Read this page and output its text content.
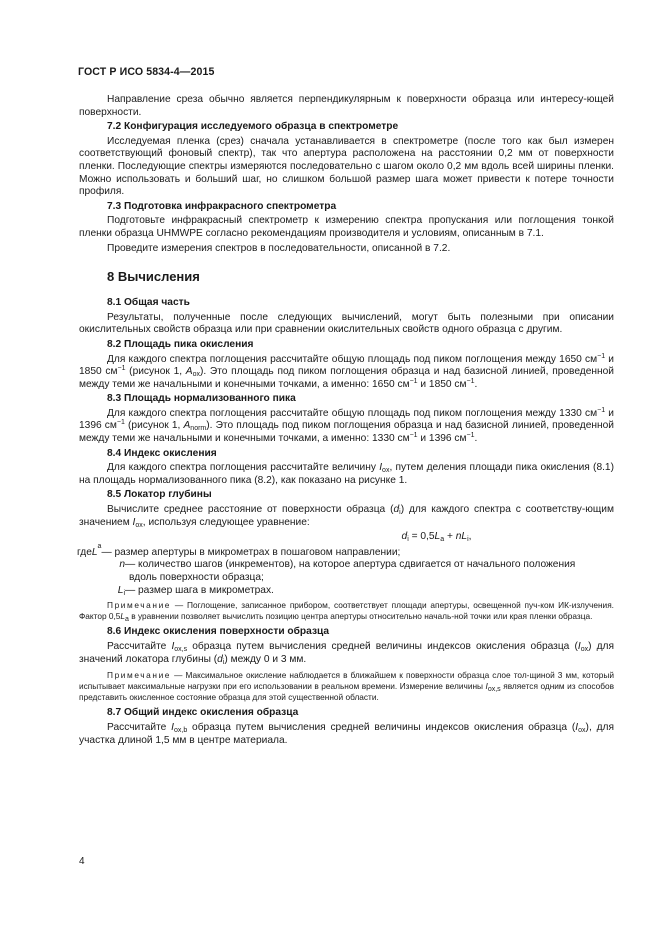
ГОСТ Р ИСО 5834-4—2015

Направление среза обычно является перпендикулярным к поверхности образца или интересу-ющей поверхности.

7.2 Конфигурация исследуемого образца в спектрометре

Исследуемая пленка (срез) сначала устанавливается в спектрометре (после того как был измерен соответствующий фоновый спектр), так что апертура расположена на расстоянии 0,2 мм от поверхности пленки. Последующие спектры измеряются последовательно с шагом около 0,2 мм вдоль всей ширины пленки. Можно использовать и больший шаг, но слишком большой размер шага может привести к потере точности профиля.

7.3 Подготовка инфракрасного спектрометра

Подготовьте инфракрасный спектрометр к измерению спектра пропускания или поглощения тонкой пленки образца UHMWPE согласно рекомендациям производителя и условиям, описанным в 7.1.

Проведите измерения спектров в последовательности, описанной в 7.2.

8 Вычисления
8.1 Общая часть

Результаты, полученные после следующих вычислений, могут быть полезными при описании окислительных свойств образца или при сравнении окислительных свойств одного образца с другим.

8.2 Площадь пика окисления

Для каждого спектра поглощения рассчитайте общую площадь под пиком поглощения между 1650 $см^{-1}$ и 1850 $см^{-1}$ (рисунок 1, $A_{ox}$). Это площадь под пиком поглощения образца и над базисной линией, проведенной между теми же начальными и конечными точками, а именно: 1650 $см^{-1}$ и 1850 $см^{-1}$.

8.3 Площадь нормализованного пика

Для каждого спектра поглощения рассчитайте общую площадь под пиком поглощения между 1330 $см^{-1}$ и 1396 $см^{-1}$ (рисунок 1, $A_{norm}$). Это площадь под пиком поглощения образца и над базисной линией, проведенной между теми же начальными и конечными точками, а именно: 1330 $см^{-1}$ и 1396 $см^{-1}$.

8.4 Индекс окисления

Для каждого спектра поглощения рассчитайте величину $I_{ox}$, путем деления площади пика окисления (8.1) на площадь нормализованного пика (8.2), как показано на рисунке 1.

8.5 Локатор глубины

Вычислите среднее расстояние от поверхности образца $(d_i)$ для каждого спектра с соответству-ющим значением $I_{ox}$, используя следующее уравнение:

$d_i = 0,5L_a + nL_i$,
где L
a
— размер апертуры в микрометрах в пошаговом направлении;
n — количество шагов (инкрементов), на которое апертура сдвигается от начального положения
вдоль поверхности образца;
$L_i$ — размер шага в микрометрах.

Примечание — Поглощение, записанное прибором, соответствует площади апертуры, освещенной пуч-ком ИК-излучения. Фактор $0,5L_a$ в уравнении позволяет вычислить позицию центра апертуры относительно началь-ной точки или края пленки образца.

8.6 Индекс окисления поверхности образца

Рассчитайте $I_{ox,s}$ образца путем вычисления средней величины индексов окисления образца $(I_{ox})$ для значений локатора глубины $(d_i)$ между 0 и 3 мм.

Примечание — Максимальное окисление наблюдается в ближайшем к поверхности образца слое тол-щиной 3 мм, который испытывает максимальные нагрузки при его использовании в реальном времени. Измерение величины $I_{ox,s}$ является одним из способов представить окисленное состояние образца для этой существенной области.

8.7 Общий индекс окисления образца

Рассчитайте $I_{ox,b}$ образца путем вычисления средней величины индексов окисления образца $(I_{ox})$, для участка длиной 1,5 мм в центре материала.

4
